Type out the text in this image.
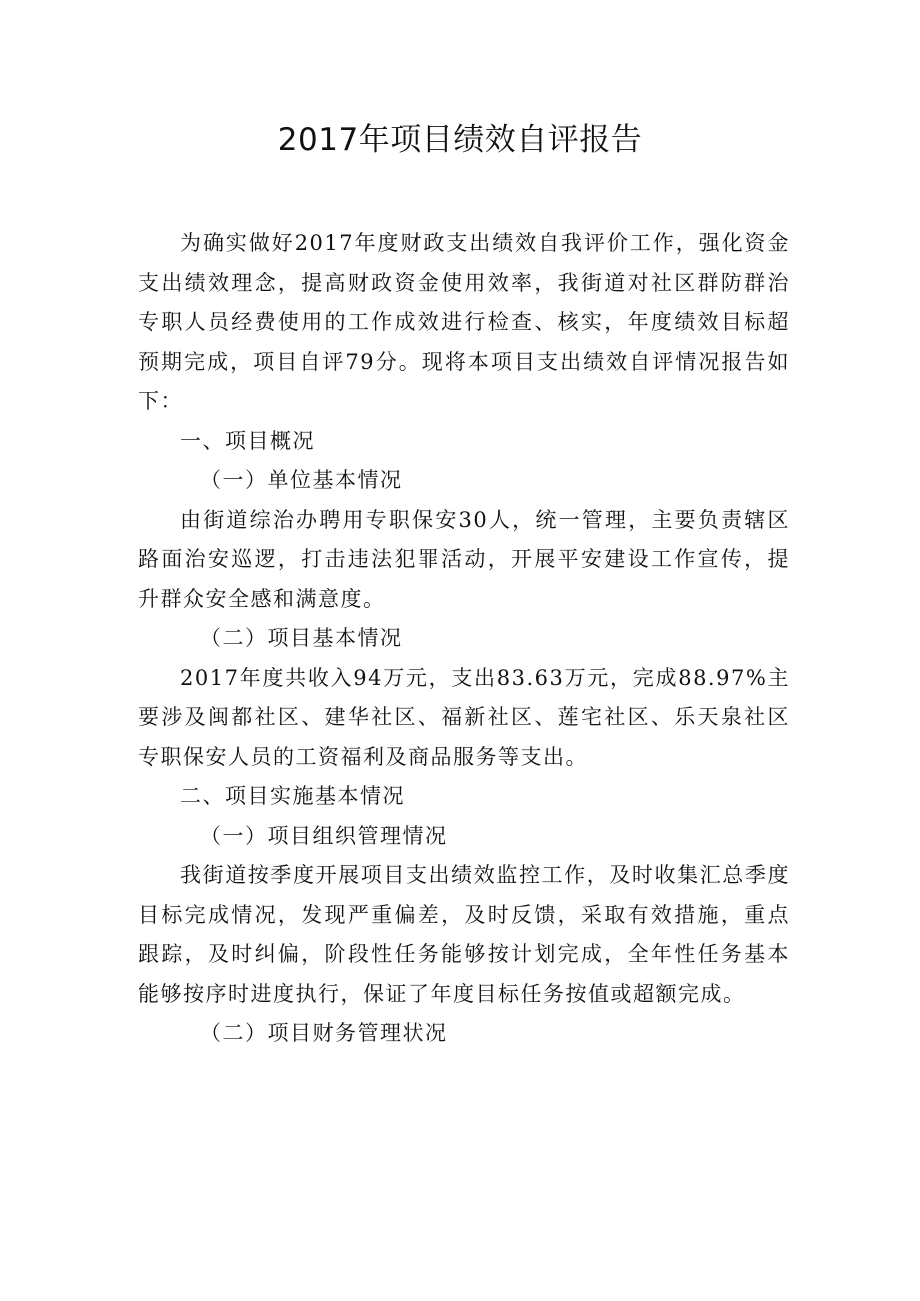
2017年项目绩效自评报告

为确实做好2017年度财政支出绩效自我评价工作，强化资金支出绩效理念，提高财政资金使用效率，我街道对社区群防群治专职人员经费使用的工作成效进行检查、核实，年度绩效目标超预期完成，项目自评79分。现将本项目支出绩效自评情况报告如下：

一、项目概况

（一）单位基本情况

由街道综治办聘用专职保安30人，统一管理，主要负责辖区路面治安巡逻，打击违法犯罪活动，开展平安建设工作宣传，提升群众安全感和满意度。

（二）项目基本情况

2017年度共收入94万元，支出83.63万元，完成88.97%主要涉及闽都社区、建华社区、福新社区、莲宅社区、乐天泉社区专职保安人员的工资福利及商品服务等支出。

二、项目实施基本情况

（一）项目组织管理情况

我街道按季度开展项目支出绩效监控工作，及时收集汇总季度目标完成情况，发现严重偏差，及时反馈，采取有效措施，重点跟踪，及时纠偏，阶段性任务能够按计划完成，全年性任务基本能够按序时进度执行，保证了年度目标任务按值或超额完成。

（二）项目财务管理状况
